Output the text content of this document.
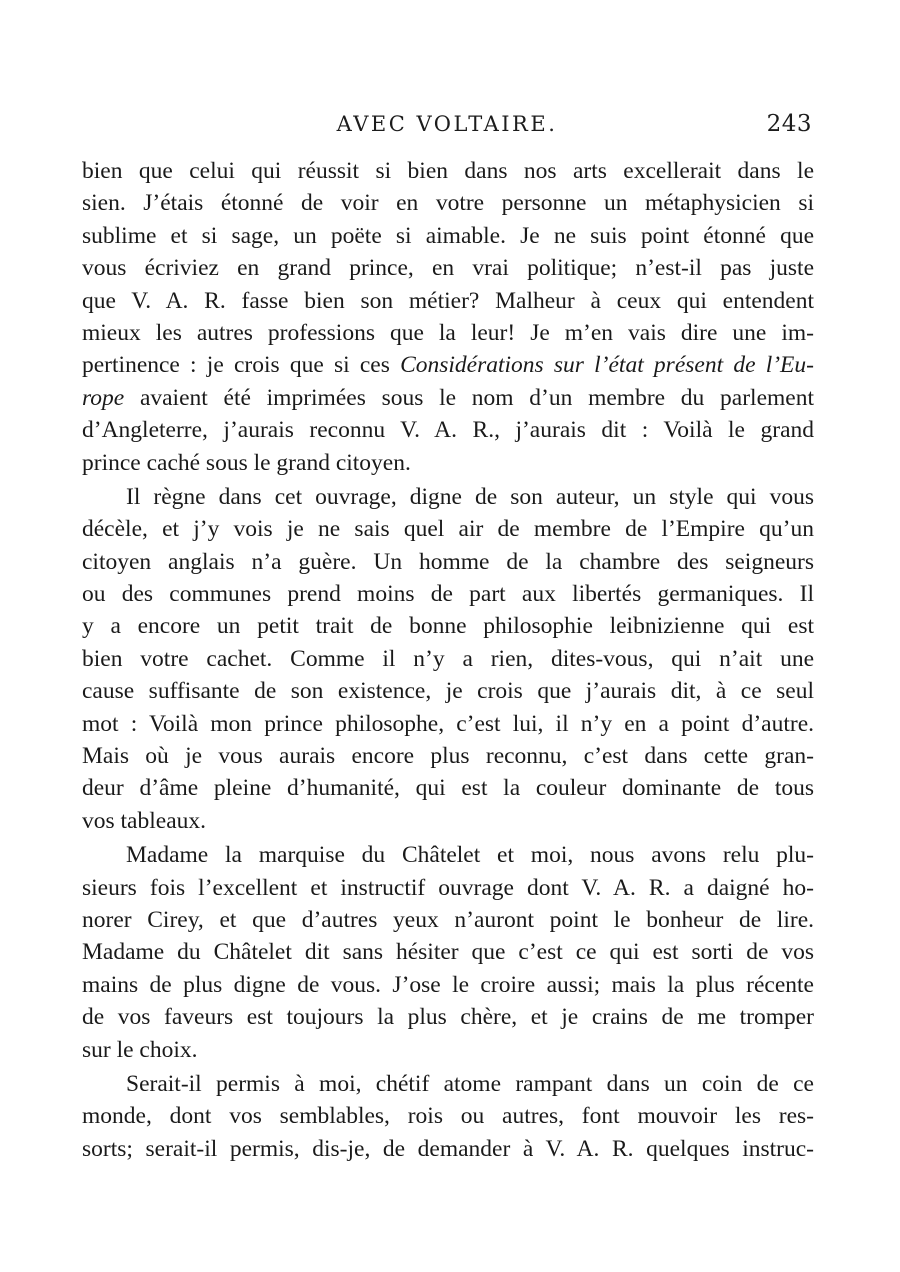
AVEC VOLTAIRE.	243
bien que celui qui réussit si bien dans nos arts excellerait dans le
sien. J’étais étonné de voir en votre personne un métaphysicien si
sublime et si sage, un poëte si aimable. Je ne suis point étonné que
vous écriviez en grand prince, en vrai politique; n’est-il pas juste
que V. A. R. fasse bien son métier? Malheur à ceux qui entendent
mieux les autres professions que la leur! Je m’en vais dire une im-
pertinence : je crois que si ces Considérations sur l’état présent de l’Eu-
rope avaient été imprimées sous le nom d’un membre du parlement
d’Angleterre, j’aurais reconnu V. A. R., j’aurais dit : Voilà le grand
prince caché sous le grand citoyen.
Il règne dans cet ouvrage, digne de son auteur, un style qui vous
décèle, et j’y vois je ne sais quel air de membre de l’Empire qu’un
citoyen anglais n’a guère. Un homme de la chambre des seigneurs
ou des communes prend moins de part aux libertés germaniques. Il
y a encore un petit trait de bonne philosophie leibnizienne qui est
bien votre cachet. Comme il n’y a rien, dites-vous, qui n’ait une
cause suffisante de son existence, je crois que j’aurais dit, à ce seul
mot : Voilà mon prince philosophe, c’est lui, il n’y en a point d’autre.
Mais où je vous aurais encore plus reconnu, c’est dans cette gran-
deur d’âme pleine d’humanité, qui est la couleur dominante de tous
vos tableaux.
Madame la marquise du Châtelet et moi, nous avons relu plu-
sieurs fois l’excellent et instructif ouvrage dont V. A. R. a daigné ho-
norer Cirey, et que d’autres yeux n’auront point le bonheur de lire.
Madame du Châtelet dit sans hésiter que c’est ce qui est sorti de vos
mains de plus digne de vous. J’ose le croire aussi; mais la plus récente
de vos faveurs est toujours la plus chère, et je crains de me tromper
sur le choix.
Serait-il permis à moi, chétif atome rampant dans un coin de ce
monde, dont vos semblables, rois ou autres, font mouvoir les res-
sorts; serait-il permis, dis-je, de demander à V. A. R. quelques instruc-
